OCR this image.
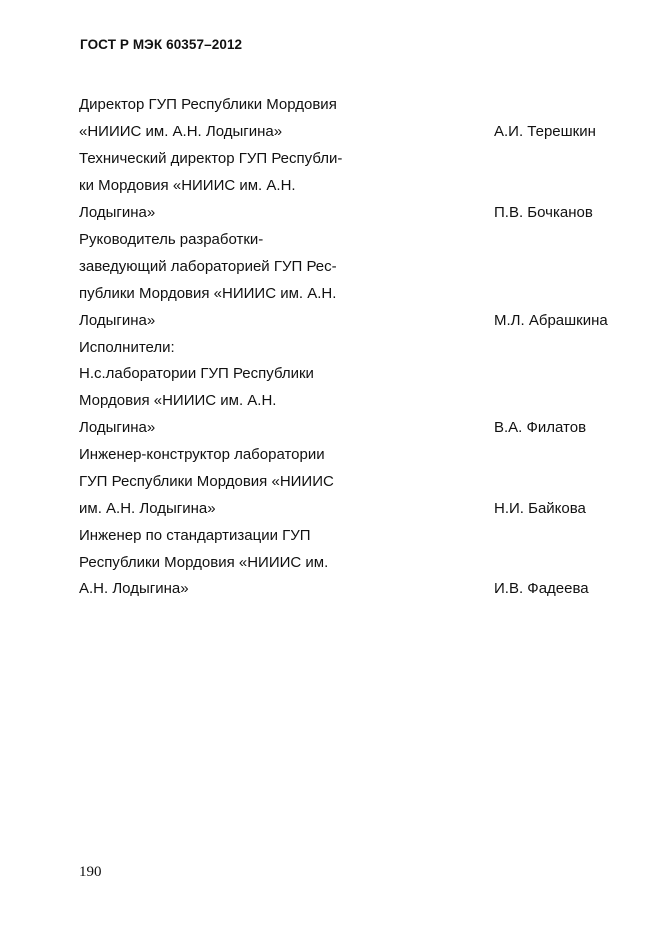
ГОСТ Р МЭК 60357–2012
Директор ГУП Республики Мордовия
«НИИИС им. А.Н. Лодыгина»	А.И. Терешкин
Технический директор ГУП Республи-
ки Мордовия «НИИИС им. А.Н.
Лодыгина»	П.В. Бочканов
Руководитель разработки-
заведующий лабораторией ГУП Рес-
публики Мордовия «НИИИС им. А.Н.
Лодыгина»	М.Л. Абрашкина
Исполнители:
Н.с.лаборатории ГУП Республики
Мордовия «НИИИС им. А.Н.
Лодыгина»	В.А. Филатов
Инженер-конструктор лаборатории
ГУП Республики Мордовия «НИИИС
им. А.Н. Лодыгина»	Н.И. Байкова
Инженер по стандартизации ГУП
Республики Мордовия «НИИИС им.
А.Н. Лодыгина»	И.В. Фадеева
190
